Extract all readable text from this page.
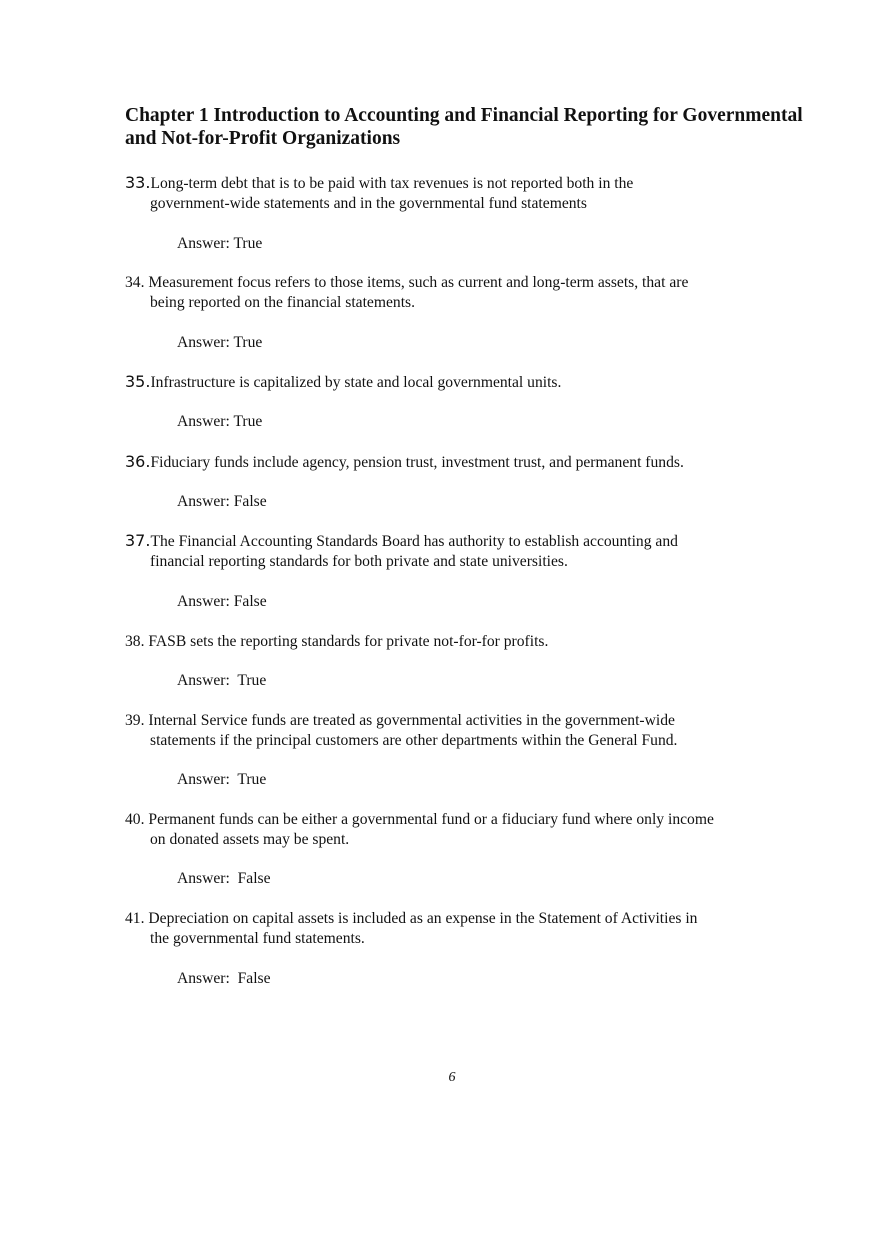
Chapter 1 Introduction to Accounting and Financial Reporting for Governmental and Not-for-Profit Organizations
33.Long-term debt that is to be paid with tax revenues is not reported both in the
government-wide statements and in the governmental fund statements
Answer: True
34. Measurement focus refers to those items, such as current and long-term assets, that are
being reported on the financial statements.
Answer: True
35.Infrastructure is capitalized by state and local governmental units.
Answer: True
36.Fiduciary funds include agency, pension trust, investment trust, and permanent funds.
Answer: False
37.The Financial Accounting Standards Board has authority to establish accounting and
financial reporting standards for both private and state universities.
Answer: False
38. FASB sets the reporting standards for private not-for-for profits.
Answer:  True
39. Internal Service funds are treated as governmental activities in the government-wide
statements if the principal customers are other departments within the General Fund.
Answer:  True
40. Permanent funds can be either a governmental fund or a fiduciary fund where only income
on donated assets may be spent.
Answer:  False
41. Depreciation on capital assets is included as an expense in the Statement of Activities in
the governmental fund statements.
Answer:  False
6
